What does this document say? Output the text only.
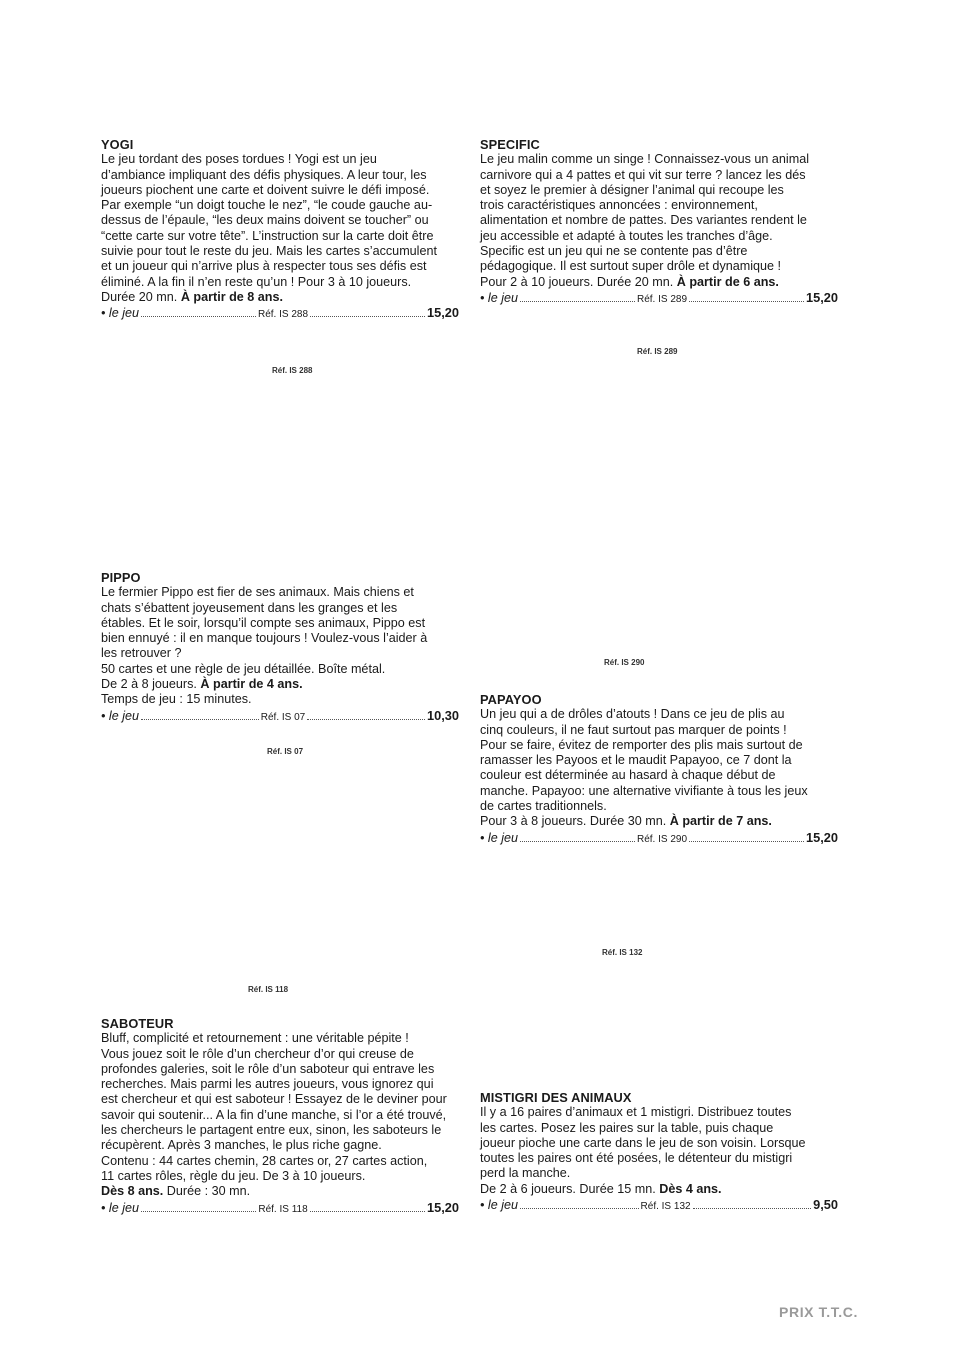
YOGI
Le jeu tordant des poses tordues ! Yogi est un jeu
d’ambiance impliquant des défis physiques. A leur tour, les
joueurs piochent une carte et doivent suivre le défi imposé.
Par exemple “un doigt touche le nez”, “le coude gauche au-
dessus de l’épaule, “les deux mains doivent se toucher” ou
“cette carte sur votre tête”. L’instruction sur la carte doit être
suivie pour tout le reste du jeu. Mais les cartes s’accumulent
et un joueur qui n’arrive plus à respecter tous ses défis est
éliminé. A la fin il n’en reste qu’un ! Pour 3 à 10 joueurs.
Durée 20 mn. À partir de 8 ans.
• le jeu	Réf. IS 288	15,20
SPECIFIC
Le jeu malin comme un singe ! Connaissez-vous un animal
carnivore qui a 4 pattes et qui vit sur terre ? lancez les dés
et soyez le premier à désigner l’animal qui recoupe les
trois caractéristiques annoncées : environnement,
alimentation et nombre de pattes. Des variantes rendent le
jeu accessible et adapté à toutes les tranches d’âge.
Specific est un jeu qui ne se contente pas d’être
pédagogique. Il est surtout super drôle et dynamique !
Pour 2 à 10 joueurs. Durée 20 mn. À partir de 6 ans.
• le jeu	Réf. IS 289	15,20
PIPPO
Le fermier Pippo est fier de ses animaux. Mais chiens et
chats s’ébattent joyeusement dans les granges et les
étables. Et le soir, lorsqu’il compte ses animaux, Pippo est
bien ennuyé : il en manque toujours ! Voulez-vous l’aider à
les retrouver ?
50 cartes et une règle de jeu détaillée. Boîte métal.
De 2 à 8 joueurs. À partir de 4 ans.
Temps de jeu : 15 minutes.
• le jeu	Réf. IS 07	10,30
PAPAYOO
Un jeu qui a de drôles d’atouts ! Dans ce jeu de plis au
cinq couleurs, il ne faut surtout pas marquer de points !
Pour se faire, évitez de remporter des plis mais surtout de
ramasser les Payoos et le maudit Papayoo, ce 7 dont la
couleur est déterminée au hasard à chaque début de
manche. Papayoo: une alternative vivifiante à tous les jeux
de cartes traditionnels.
Pour 3 à 8 joueurs. Durée 30 mn. À partir de 7 ans.
• le jeu	Réf. IS 290	15,20
SABOTEUR
Bluff, complicité et retournement : une véritable pépite !
Vous jouez soit le rôle d’un chercheur d’or qui creuse de
profondes galeries, soit le rôle d’un saboteur qui entrave les
recherches. Mais parmi les autres joueurs, vous ignorez qui
est chercheur et qui est saboteur ! Essayez de le deviner pour
savoir qui soutenir... A la fin d’une manche, si l’or a été trouvé,
les chercheurs le partagent entre eux, sinon, les saboteurs le
récupèrent. Après 3 manches, le plus riche gagne.
Contenu : 44 cartes chemin, 28 cartes or, 27 cartes action,
11 cartes rôles, règle du jeu. De 3 à 10 joueurs.
Dès 8 ans. Durée : 30 mn.
• le jeu	Réf. IS 118	15,20
MISTIGRI DES ANIMAUX
Il y a 16 paires d’animaux et 1 mistigri. Distribuez toutes
les cartes. Posez les paires sur la table, puis chaque
joueur pioche une carte dans le jeu de son voisin. Lorsque
toutes les paires ont été posées, le détenteur du mistigri
perd la manche.
De 2 à 6 joueurs. Durée 15 mn. Dès 4 ans.
• le jeu	Réf. IS 132	9,50
Réf. IS 288
Réf. IS 289
Réf. IS 07
Réf. IS 290
Réf. IS 118
Réf. IS 132
PRIX T.T.C.
